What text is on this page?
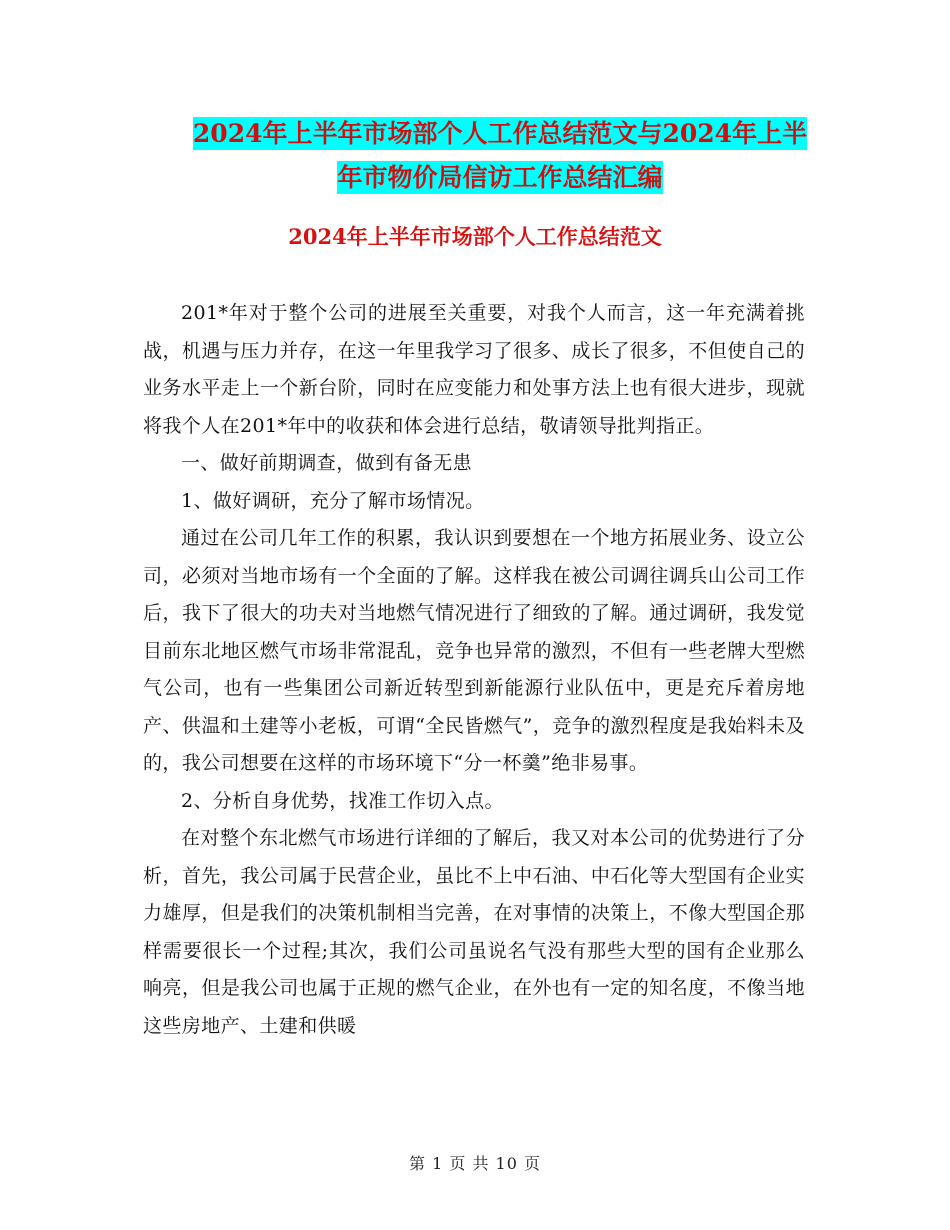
2024年上半年市场部个人工作总结范文与2024年上半
年市物价局信访工作总结汇编
2024年上半年市场部个人工作总结范文

201*年对于整个公司的进展至关重要，对我个人而言，这一年充满着挑战，机遇与压力并存，在这一年里我学习了很多、成长了很多，不但使自己的业务水平走上一个新台阶，同时在应变能力和处事方法上也有很大进步，现就将我个人在201*年中的收获和体会进行总结，敬请领导批判指正。

一、做好前期调查，做到有备无患

1、做好调研，充分了解市场情况。

通过在公司几年工作的积累，我认识到要想在一个地方拓展业务、设立公司，必须对当地市场有一个全面的了解。这样我在被公司调往调兵山公司工作后，我下了很大的功夫对当地燃气情况进行了细致的了解。通过调研，我发觉目前东北地区燃气市场非常混乱，竞争也异常的激烈，不但有一些老牌大型燃气公司，也有一些集团公司新近转型到新能源行业队伍中，更是充斥着房地产、供温和土建等小老板，可谓“全民皆燃气”，竞争的激烈程度是我始料未及的，我公司想要在这样的市场环境下“分一杯羹”绝非易事。

2、分析自身优势，找准工作切入点。

在对整个东北燃气市场进行详细的了解后，我又对本公司的优势进行了分析，首先，我公司属于民营企业，虽比不上中石油、中石化等大型国有企业实力雄厚，但是我们的决策机制相当完善，在对事情的决策上，不像大型国企那样需要很长一个过程;其次，我们公司虽说名气没有那些大型的国有企业那么响亮，但是我公司也属于正规的燃气企业，在外也有一定的知名度，不像当地这些房地产、土建和供暖

第 1 页 共 10 页
